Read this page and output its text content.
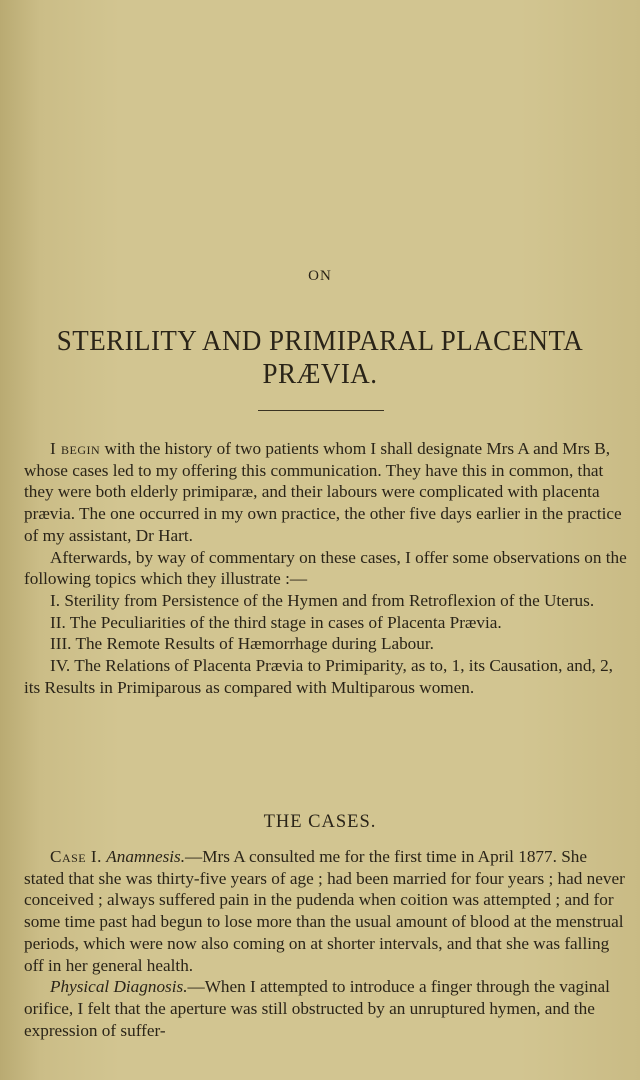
ON
STERILITY AND PRIMIPARAL PLACENTA PRÆVIA.

I begin with the history of two patients whom I shall designate Mrs A and Mrs B, whose cases led to my offering this communication. They have this in common, that they were both elderly primiparæ, and their labours were complicated with placenta prævia. The one occurred in my own practice, the other five days earlier in the practice of my assistant, Dr Hart.

Afterwards, by way of commentary on these cases, I offer some observations on the following topics which they illustrate :—

I. Sterility from Persistence of the Hymen and from Retroflexion of the Uterus.

II. The Peculiarities of the third stage in cases of Placenta Prævia.

III. The Remote Results of Hæmorrhage during Labour.

IV. The Relations of Placenta Prævia to Primiparity, as to, 1, its Causation, and, 2, its Results in Primiparous as compared with Multiparous women.

THE CASES.

Case I. Anamnesis.—Mrs A consulted me for the first time in April 1877. She stated that she was thirty-five years of age ; had been married for four years ; had never conceived ; always suffered pain in the pudenda when coition was attempted ; and for some time past had begun to lose more than the usual amount of blood at the menstrual periods, which were now also coming on at shorter intervals, and that she was falling off in her general health.

Physical Diagnosis.—When I attempted to introduce a finger through the vaginal orifice, I felt that the aperture was still obstructed by an unruptured hymen, and the expression of suffer-
